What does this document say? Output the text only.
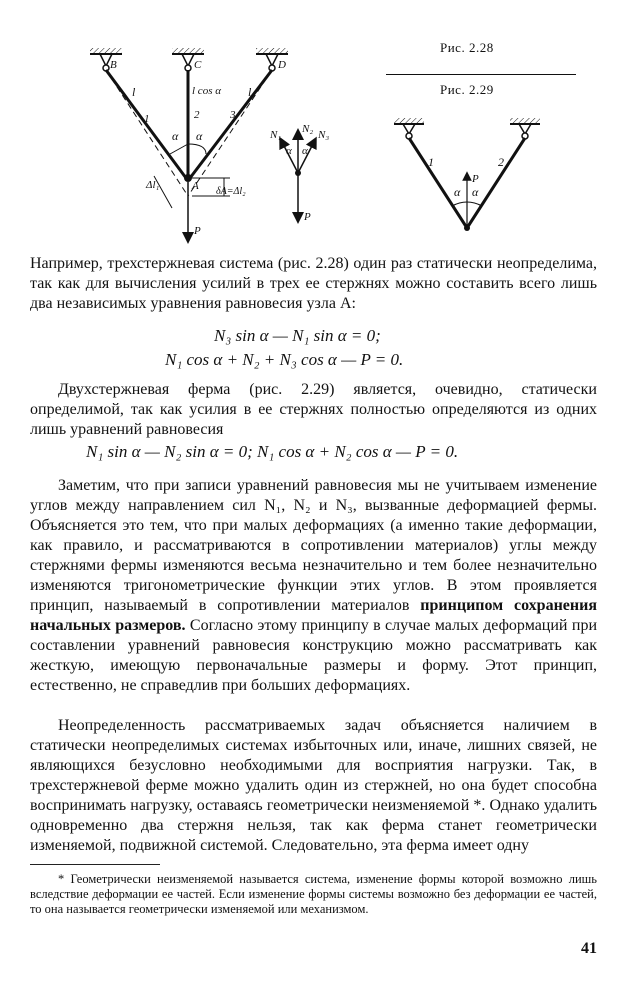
B	C	D
A
l	l
l cos α
1	2	3
α α
Δl₁
δA=Δl₂
P
N₁ N₂ N₃
α α
P
Рис. 2.28
Рис. 2.29
1	2
P
α α

Например, трехстержневая система (рис. 2.28) один раз статически неопределима, так как для вычисления усилий в трех ее стержнях можно составить всего лишь два независимых уравнения равновесия узла A:

N₃ sin α — N₁ sin α = 0;
N₁ cos α + N₂ + N₃ cos α — P = 0.

Двухстержневая ферма (рис. 2.29) является, очевидно, статически определимой, так как усилия в ее стержнях полностью определяются из одних лишь уравнений равновесия

N₁ sin α — N₂ sin α = 0; N₁ cos α + N₂ cos α — P = 0.

Заметим, что при записи уравнений равновесия мы не учитываем изменение углов между направлением сил N₁, N₂ и N₃, вызванные деформацией фермы. Объясняется это тем, что при малых деформациях (а именно такие деформации, как правило, и рассматриваются в сопротивлении материалов) углы между стержнями фермы изменяются весьма незначительно и тем более незначительно изменяются тригонометрические функции этих углов. В этом проявляется принцип, называемый в сопротивлении материалов принципом сохранения начальных размеров. Согласно этому принципу в случае малых деформаций при составлении уравнений равновесия конструкцию можно рассматривать как жесткую, имеющую первоначальные размеры и форму. Этот принцип, естественно, не справедлив при больших деформациях.

Неопределенность рассматриваемых задач объясняется наличием в статически неопределимых системах избыточных или, иначе, лишних связей, не являющихся безусловно необходимыми для восприятия нагрузки. Так, в трехстержневой ферме можно удалить один из стержней, но она будет способна воспринимать нагрузку, оставаясь геометрически неизменяемой *. Однако удалить одновременно два стержня нельзя, так как ферма станет геометрически изменяемой, подвижной системой. Следовательно, эта ферма имеет одну

* Геометрически неизменяемой называется система, изменение формы которой возможно лишь вследствие деформации ее частей. Если изменение формы системы возможно без деформации ее частей, то она называется геометрически изменяемой или механизмом.

41
